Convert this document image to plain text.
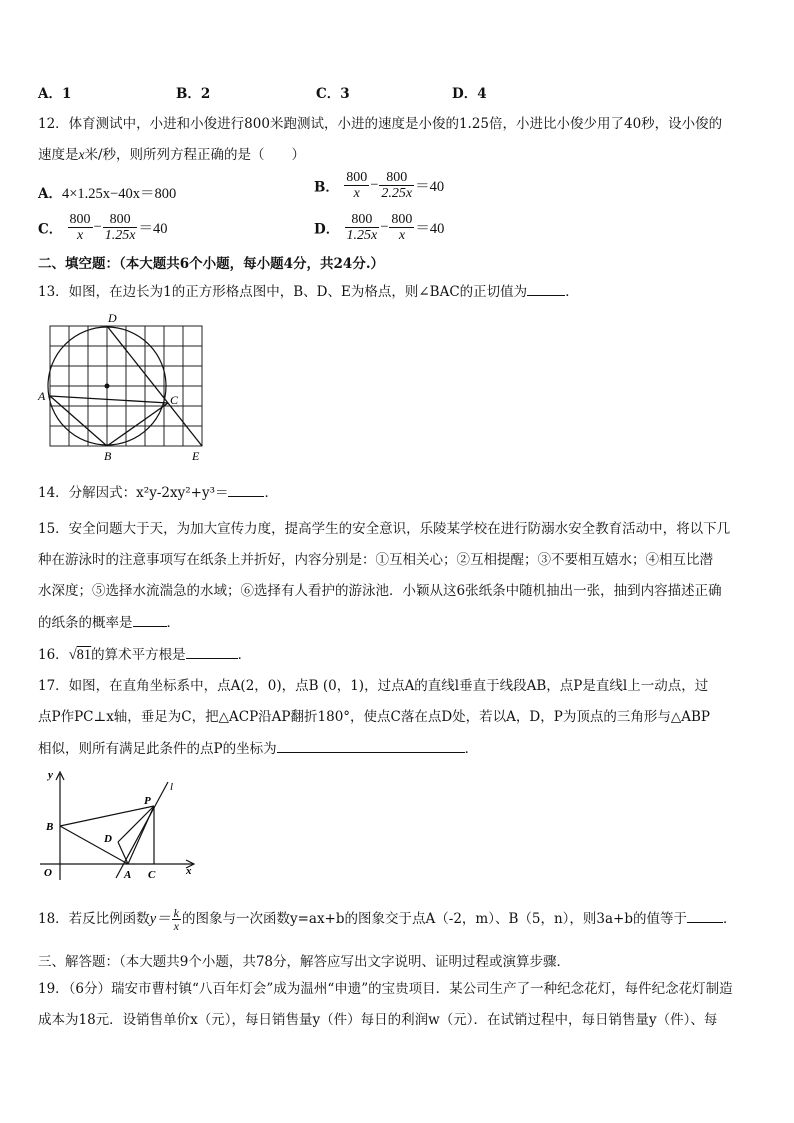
A．1	B．2	C．3	D．4
12．体育测试中，小进和小俊进行800米跑测试，小进的速度是小俊的1.25倍，小进比小俊少用了40秒，设小俊的
速度是x米/秒，则所列方程正确的是（　　）
A．4×1.25x−40x＝800	B． $\frac{800}{x} - \frac{800}{2.25x} =40$
C． $\frac{800}{x} - \frac{800}{1.25x} =40$	D． $\frac{800}{1.25x} - \frac{800}{x} =40$
二、填空题：（本大题共6个小题，每小题4分，共24分.）
13．如图，在边长为1的正方形格点图中，B、D、E为格点，则∠BAC的正切值为	．
A
B
C
D
E
14．分解因式：x²y-2xy²+y³＝	．
15．安全问题大于天，为加大宣传力度，提高学生的安全意识，乐陵某学校在进行防溺水安全教育活动中，将以下几
种在游泳时的注意事项写在纸条上并折好，内容分别是：①互相关心；②互相提醒；③不要相互嬉水；④相互比潜
水深度；⑤选择水流湍急的水域；⑥选择有人看护的游泳池．小颖从这6张纸条中随机抽出一张，抽到内容描述正确
的纸条的概率是	．
16．√81的算术平方根是	．
17．如图，在直角坐标系中，点A(2，0)，点B (0，1)，过点A的直线l垂直于线段AB，点P是直线l上一动点，过
点P作PC⊥x轴，垂足为C，把△ACP沿AP翻折180°，使点C落在点D处，若以A，D，P为顶点的三角形与△ABP
相似，则所有满足此条件的点P的坐标为	．
y
x
O	A
B
C
D
P
l
18．若反比例函数$y= \frac{k}{x}$ 的图象与一次函数y=ax+b的图象交于点A（-2，m）、B（5，n），则3a+b的值等于	．
三、解答题：（本大题共9个小题，共78分，解答应写出文字说明、证明过程或演算步骤．
19．（6分）瑞安市曹村镇“八百年灯会”成为温州“申遗”的宝贵项目．某公司生产了一种纪念花灯，每件纪念花灯制造
成本为18元．设销售单价x（元），每日销售量y（件）每日的利润w（元）．在试销过程中，每日销售量y（件）、每
